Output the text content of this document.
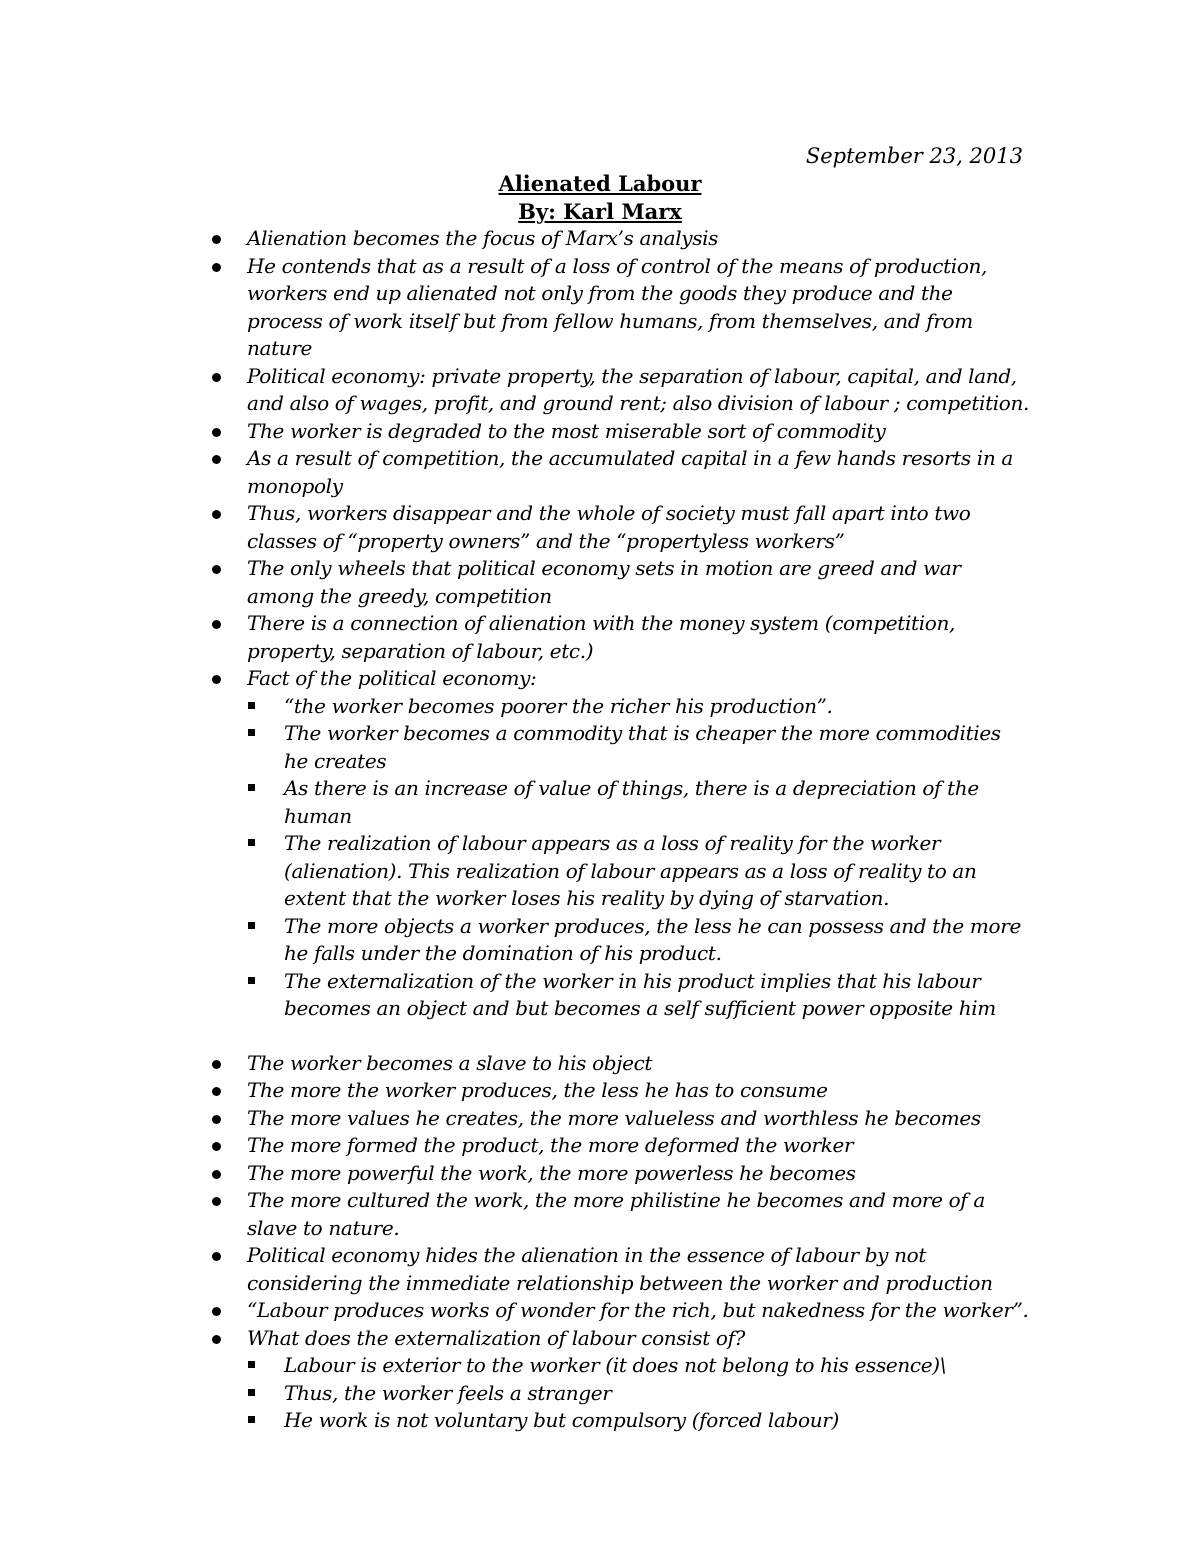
September 23, 2013
Alienated Labour
By: Karl Marx
Alienation becomes the focus of Marx’s analysis
He contends that as a result of a loss of control of the means of production, workers end up alienated not only from the goods they produce and the process of work itself but from fellow humans, from themselves, and from nature
Political economy: private property, the separation of labour, capital, and land, and also of wages, profit, and ground rent; also division of labour ; competition.
The worker is degraded to the most miserable sort of commodity
As a result of competition, the accumulated capital in a few hands resorts in a monopoly
Thus, workers disappear and the whole of society must fall apart into two classes of “property owners” and the “propertyless workers”
The only wheels that political economy sets in motion are greed and war among the greedy, competition
There is a connection of alienation with the money system (competition, property, separation of labour, etc.)
Fact of the political economy:
“the worker becomes poorer the richer his production”.
The worker becomes a commodity that is cheaper the more commodities he creates
As there is an increase of value of things, there is a depreciation of the human
The realization of labour appears as a loss of reality for the worker (alienation). This realization of labour appears as a loss of reality to an extent that the worker loses his reality by dying of starvation.
The more objects a worker produces, the less he can possess and the more he falls under the domination of his product.
The externalization of the worker in his product implies that his labour becomes an object and but becomes a self sufficient power opposite him
The worker becomes a slave to his object
The more the worker produces, the less he has to consume
The more values he creates, the more valueless and worthless he becomes
The more formed the product, the more deformed the worker
The more powerful the work, the more powerless he becomes
The more cultured the work, the more philistine he becomes and more of a slave to nature.
Political economy hides the alienation in the essence of labour by not considering the immediate relationship between the worker and production
“Labour produces works of wonder for the rich, but nakedness for the worker”.
What does the externalization of labour consist of?
Labour is exterior to the worker (it does not belong to his essence)\
Thus, the worker feels a stranger
He work is not voluntary but compulsory (forced labour)
